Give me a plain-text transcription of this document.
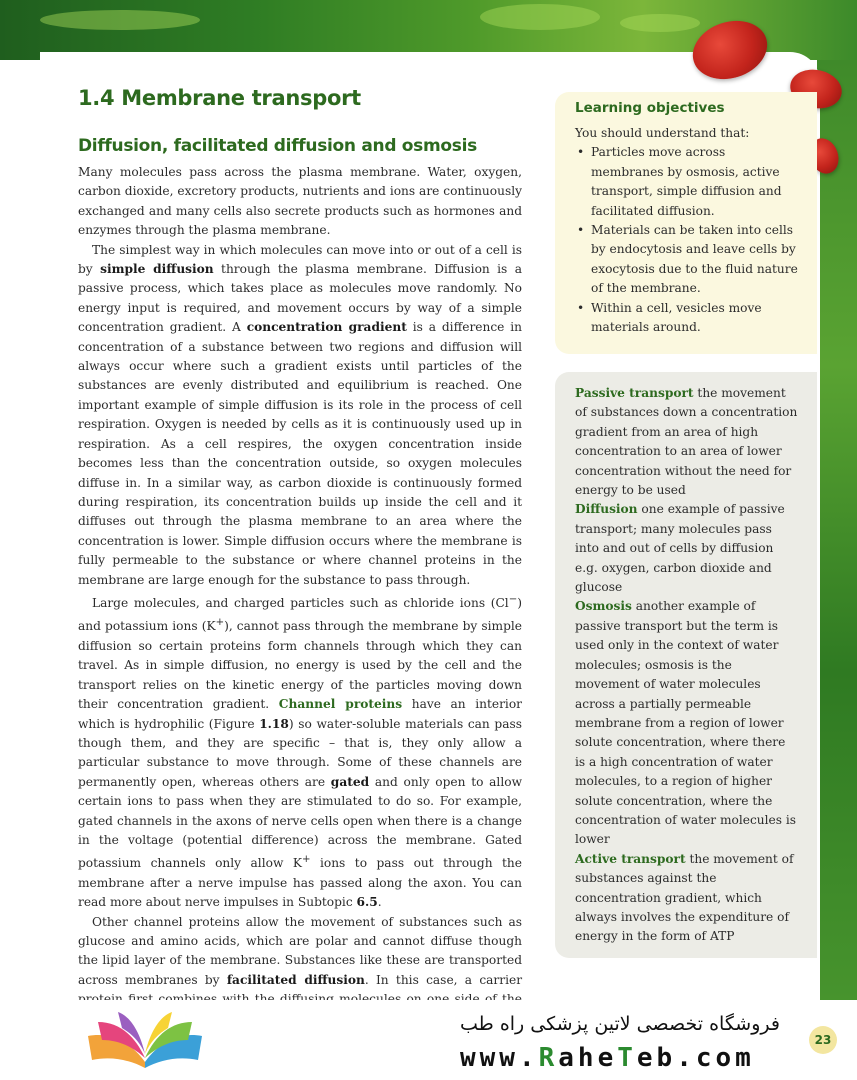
1.4 Membrane transport
Diffusion, facilitated diffusion and osmosis

Many molecules pass across the plasma membrane. Water, oxygen, carbon dioxide, excretory products, nutrients and ions are continuously exchanged and many cells also secrete products such as hormones and enzymes through the plasma membrane.

The simplest way in which molecules can move into or out of a cell is by simple diffusion through the plasma membrane. Diffusion is a passive process, which takes place as molecules move randomly. No energy input is required, and movement occurs by way of a simple concentration gradient. A concentration gradient is a difference in concentration of a substance between two regions and diffusion will always occur where such a gradient exists until particles of the substances are evenly distributed and equilibrium is reached. One important example of simple diffusion is its role in the process of cell respiration. Oxygen is needed by cells as it is continuously used up in respiration. As a cell respires, the oxygen concentration inside becomes less than the concentration outside, so oxygen molecules diffuse in. In a similar way, as carbon dioxide is continuously formed during respiration, its concentration builds up inside the cell and it diffuses out through the plasma membrane to an area where the concentration is lower. Simple diffusion occurs where the membrane is fully permeable to the substance or where channel proteins in the membrane are large enough for the substance to pass through.

Large molecules, and charged particles such as chloride ions (Cl−) and potassium ions (K+), cannot pass through the membrane by simple diffusion so certain proteins form channels through which they can travel. As in simple diffusion, no energy is used by the cell and the transport relies on the kinetic energy of the particles moving down their concentration gradient. Channel proteins have an interior which is hydrophilic (Figure 1.18) so water-soluble materials can pass though them, and they are specific – that is, they only allow a particular substance to move through. Some of these channels are permanently open, whereas others are gated and only open to allow certain ions to pass when they are stimulated to do so. For example, gated channels in the axons of nerve cells open when there is a change in the voltage (potential difference) across the membrane. Gated potassium channels only allow K+ ions to pass out through the membrane after a nerve impulse has passed along the axon. You can read more about nerve impulses in Subtopic 6.5.

Other channel proteins allow the movement of substances such as glucose and amino acids, which are polar and cannot diffuse though the lipid layer of the membrane. Substances like these are transported across membranes by facilitated diffusion. In this case, a carrier

Learning objectives

You should understand that:

• Particles move across membranes by osmosis, active transport, simple diffusion and facilitated diffusion.
• Materials can be taken into cells by endocytosis and leave cells by exocytosis due to the fluid nature of the membrane.
• Within a cell, vesicles move materials around.

Passive transport the movement of substances down a concentration gradient from an area of high concentration to an area of lower concentration without the need for energy to be used

Diffusion one example of passive transport; many molecules pass into and out of cells by diffusion e.g. oxygen, carbon dioxide and glucose

Osmosis another example of passive transport but the term is used only in the context of water molecules; osmosis is the movement of water molecules across a partially permeable membrane from a region of lower solute concentration, where there is a high concentration of water molecules, to a region of higher solute concentration, where the concentration of water molecules is lower

Active transport the movement of substances against the concentration gradient, which always involves the expenditure of energy in the form of ATP

فروشگاه تخصصی لاتین پزشکی راه طب

www.RaheTeb.com

23
